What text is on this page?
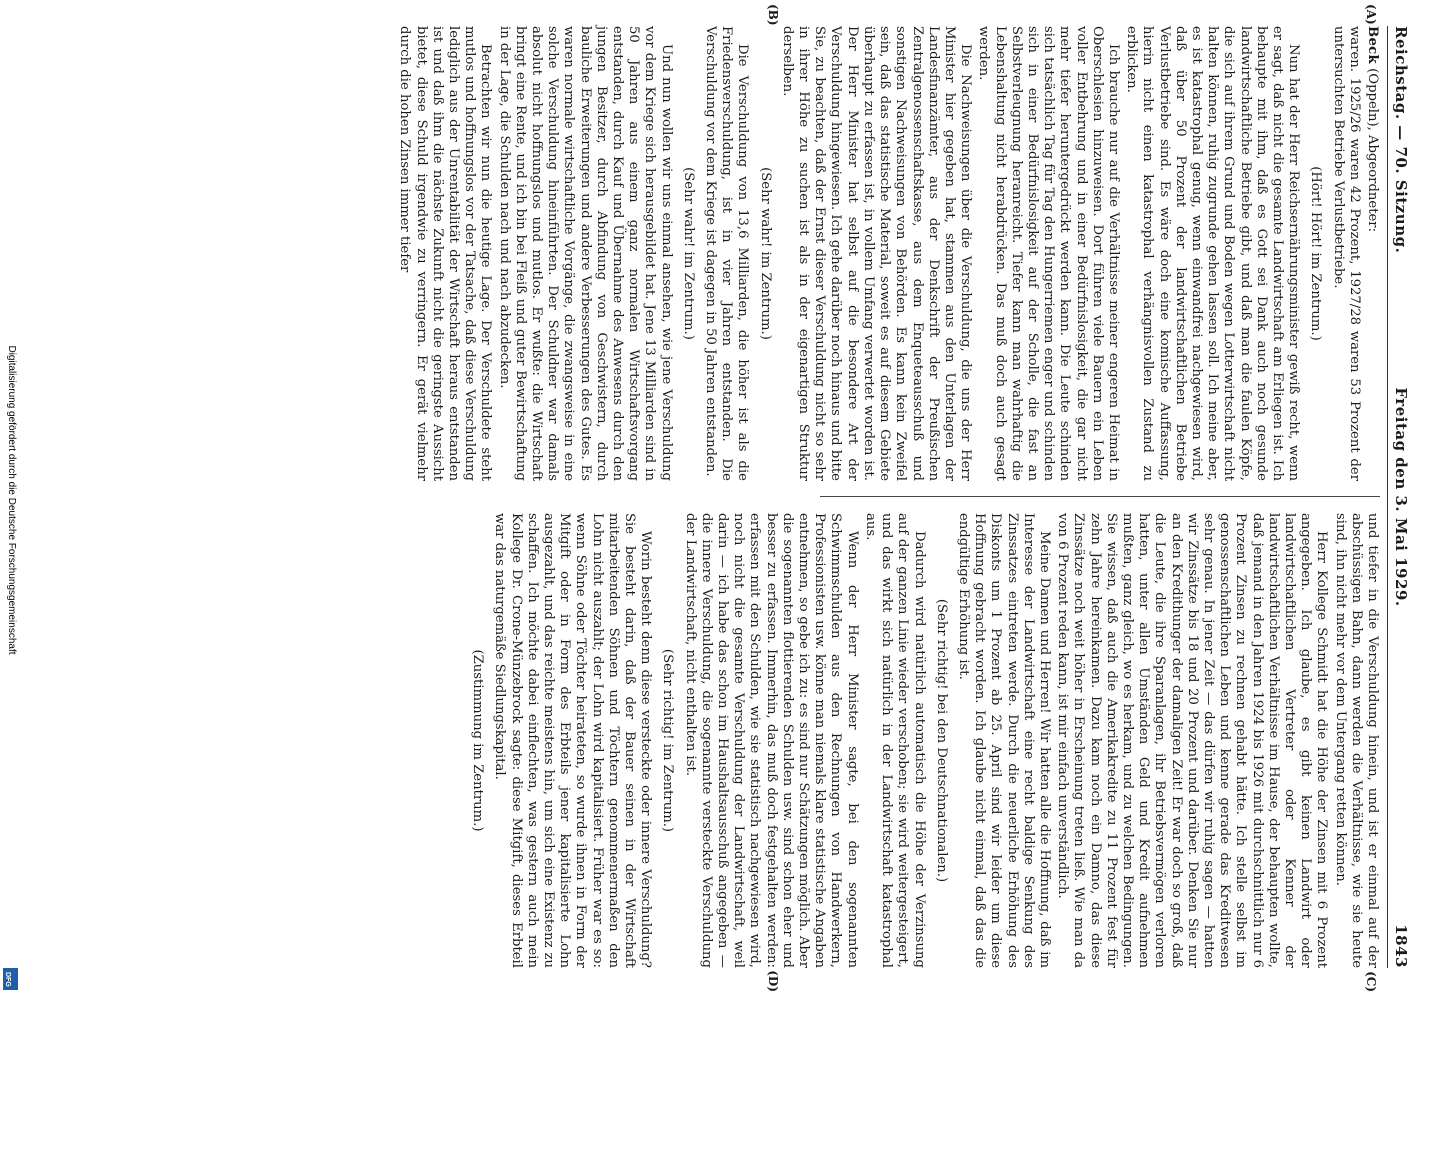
Digitalisierung gefördert durch die Deutsche Forschungsgemeinschaft
DFG
Reichstag. — 70. Sitzung.
Freitag den 3. Mai 1929.
1843

Beck (Oppeln), Abgeordneter:

waren. 1925/26 waren 42 Prozent, 1927/28 waren 53 Prozent der untersuchten Betriebe Verlustbetriebe.

(Hört! Hört! im Zentrum.)

Nun hat der Herr Reichsernährungsminister gewiß recht, wenn er sagt, daß nicht die gesamte Landwirtschaft am Erliegen ist. Ich behaupte mit ihm, daß es Gott sei Dank auch noch gesunde landwirtschaftliche Betriebe gibt, und daß man die faulen Köpfe, die sich auf ihrem Grund und Boden wegen Lotterwirtschaft nicht halten können, ruhig zugrunde gehen lassen soll. Ich meine aber, es ist katastrophal genug, wenn einwandfrei nachgewiesen wird, daß über 50 Prozent der landwirtschaftlichen Betriebe Verlustbetriebe sind. Es wäre doch eine komische Auffassung, hierin nicht einen katastrophal verhängnisvollen Zustand zu erblicken.

Ich brauche nur auf die Verhältnisse meiner engeren Heimat in Oberschlesien hinzuweisen. Dort führen viele Bauern ein Leben voller Entbehrung und in einer Bedürfnislosigkeit, die gar nicht mehr tiefer heruntergedrückt werden kann. Die Leute schinden sich tatsächlich Tag für Tag den Hungerriemen enger und schinden sich in einer Bedürfnislosigkeit auf der Scholle, die fast an Selbstverleugnung heranreicht. Tiefer kann man wahrhaftig die Lebenshaltung nicht herabdrücken. Das muß doch auch gesagt werden.

Die Nachweisungen über die Verschuldung, die uns der Herr Minister hier gegeben hat, stammen aus den Unterlagen der Landesfinanzämter, aus der Denkschrift der Preußischen Zentralgenossenschaftskasse, aus dem Enqueteausschuß und sonstigen Nachweisungen von Behörden. Es kann kein Zweifel sein, daß das statistische Material, soweit es auf diesem Gebiete überhaupt zu erfassen ist, in vollem Umfang verwertet worden ist. Der Herr Minister hat selbst auf die besondere Art der Verschuldung hingewiesen. Ich gehe darüber noch hinaus und bitte Sie, zu beachten, daß der Ernst dieser Verschuldung nicht so sehr in ihrer Höhe zu suchen ist als in der eigenartigen Struktur derselben.

(Sehr wahr! im Zentrum.)

Die Verschuldung von 13,6 Milliarden, die höher ist als die Friedensverschuldung, ist in vier Jahren entstanden. Die Verschuldung vor dem Kriege ist dagegen in 50 Jahren entstanden.

(Sehr wahr! im Zentrum.)

Und nun wollen wir uns einmal ansehen, wie jene Verschuldung vor dem Kriege sich herausgebildet hat. Jene 13 Milliarden sind in 50 Jahren aus einem ganz normalen Wirtschaftsvorgang entstanden, durch Kauf und Übernahme des Anwesens durch den jungen Besitzer, durch Abfindung von Geschwistern, durch bauliche Erweiterungen und andere Verbesserungen des Gutes. Es waren normale wirtschaftliche Vorgänge, die zwangsweise in eine solche Verschuldung hineinführten. Der Schuldner war damals absolut nicht hoffnungslos und mutlos. Er wußte: die Wirtschaft bringt eine Rente, und ich bin bei Fleiß und guter Bewirtschaftung in der Lage, die Schulden nach und nach abzudecken.

Betrachten wir nun die heutige Lage. Der Verschuldete steht mutlos und hoffnungslos vor der Tatsache, daß diese Verschuldung lediglich aus der Unrentabilität der Wirtschaft heraus entstanden ist und daß ihm die nächste Zukunft nicht die geringste Aussicht bietet, diese Schuld irgendwie zu verringern. Er gerät vielmehr durch die hohen Zinsen immer tiefer

und tiefer in die Verschuldung hinein, und ist er einmal auf der abschüssigen Bahn, dann werden die Verhältnisse, wie sie heute sind, ihn nicht mehr vor dem Untergang retten können.

Herr Kollege Schmidt hat die Höhe der Zinsen mit 6 Prozent angegeben. Ich glaube, es gibt keinen Landwirt oder landwirtschaftlichen Vertreter oder Kenner der landwirtschaftlichen Verhältnisse im Hause, der behaupten wollte, daß jemand in den Jahren 1924 bis 1926 mit durchschnittlich nur 6 Prozent Zinsen zu rechnen gehabt hätte. Ich stelle selbst im genossenschaftlichen Leben und kenne gerade das Kreditwesen sehr genau. In jener Zeit — das dürfen wir ruhig sagen — hatten wir Zinssätze bis 18 und 20 Prozent und darüber. Denken Sie nur an den Kredithunger der damaligen Zeit! Er war doch so groß, daß die Leute, die ihre Sparanlagen, ihr Betriebsvermögen verloren hatten, unter allen Umständen Geld und Kredit aufnehmen mußten, ganz gleich, wo es herkam, und zu welchen Bedingungen. Sie wissen, daß auch die Amerikakredite zu 11 Prozent fest für zehn Jahre hereinkamen. Dazu kam noch ein Damno, das diese Zinssätze noch weit höher in Erscheinung treten ließ. Wie man da von 6 Prozent reden kann, ist mir einfach unverständlich.

Meine Damen und Herren! Wir hatten alle die Hoffnung, daß im Interesse der Landwirtschaft eine recht baldige Senkung des Zinssatzes eintreten werde. Durch die neuerliche Erhöhung des Diskonts um 1 Prozent ab 25. April sind wir leider um diese Hoffnung gebracht worden. Ich glaube nicht einmal, daß das die endgültige Erhöhung ist.

(Sehr richtig! bei den Deutschnationalen.)

Dadurch wird natürlich automatisch die Höhe der Verzinsung auf der ganzen Linie wieder verschoben; sie wird weitergesteigert, und das wirkt sich natürlich in der Landwirtschaft katastrophal aus.

Wenn der Herr Minister sagte, bei den sogenannten Schwimmschulden aus den Rechnungen von Handwerkern, Professionisten usw. könne man niemals klare statistische Angaben entnehmen, so gebe ich zu: es sind nur Schätzungen möglich. Aber die sogenannten flottierenden Schulden usw. sind schon eher und besser zu erfassen. Immerhin, das muß doch festgehalten werden: erfassen mit den Schulden, wie sie statistisch nachgewiesen wird, noch nicht die gesamte Verschuldung der Landwirtschaft, weil darin — ich habe das schon im Haushaltsausschuß angegeben — die innere Verschuldung, die sogenannte versteckte Verschuldung der Landwirtschaft, nicht enthalten ist.

(Sehr richtig! im Zentrum.)

Worin besteht denn diese versteckte oder innere Verschuldung? Sie besteht darin, daß der Bauer seinen in der Wirtschaft mitarbeitenden Söhnen und Töchtern genommenermaßen den Lohn nicht auszahlt; der Lohn wird kapitalisiert. Früher war es so: wenn Söhne oder Töchter heirateten, so wurde ihnen in Form der Mitgift oder in Form des Erbteils jener kapitalisierte Lohn ausgezahlt, und das reichte meistens hin, um sich eine Existenz zu schaffen. Ich möchte dabei einflechten, was gestern auch mein Kollege Dr. Crone-Münzebrock sagte: diese Mitgift, dieses Erbteil war das naturgemäße Siedlungskapital.

(Zustimmung im Zentrum.)

(A)
(B)
(C)
(D)
